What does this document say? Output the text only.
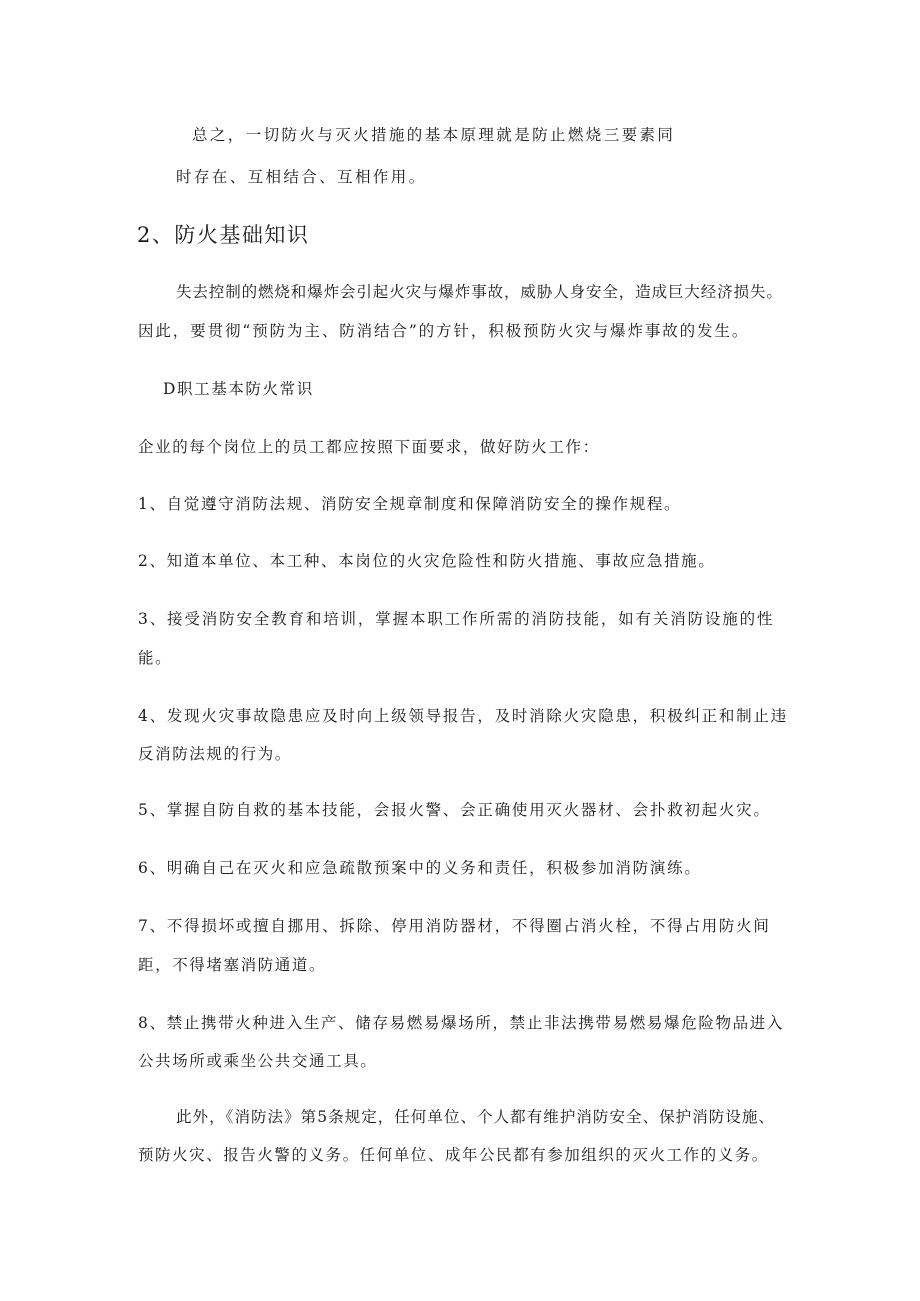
总之，一切防火与灭火措施的基本原理就是防止燃烧三要素同
时存在、互相结合、互相作用。
2、防火基础知识
失去控制的燃烧和爆炸会引起火灾与爆炸事故，威胁人身安全，造成巨大经济损失。
因此，要贯彻“预防为主、防消结合”的方针，积极预防火灾与爆炸事故的发生。
D职工基本防火常识
企业的每个岗位上的员工都应按照下面要求，做好防火工作：
1、自觉遵守消防法规、消防安全规章制度和保障消防安全的操作规程。
2、知道本单位、本工种、本岗位的火灾危险性和防火措施、事故应急措施。
3、接受消防安全教育和培训，掌握本职工作所需的消防技能，如有关消防设施的性
能。
4、发现火灾事故隐患应及时向上级领导报告，及时消除火灾隐患，积极纠正和制止违
反消防法规的行为。
5、掌握自防自救的基本技能，会报火警、会正确使用灭火器材、会扑救初起火灾。
6、明确自己在灭火和应急疏散预案中的义务和责任，积极参加消防演练。
7、不得损坏或擅自挪用、拆除、停用消防器材，不得圈占消火栓，不得占用防火间
距，不得堵塞消防通道。
8、禁止携带火种进入生产、储存易燃易爆场所，禁止非法携带易燃易爆危险物品进入
公共场所或乘坐公共交通工具。
此外，《消防法》第5条规定，任何单位、个人都有维护消防安全、保护消防设施、
预防火灾、报告火警的义务。任何单位、成年公民都有参加组织的灭火工作的义务。
